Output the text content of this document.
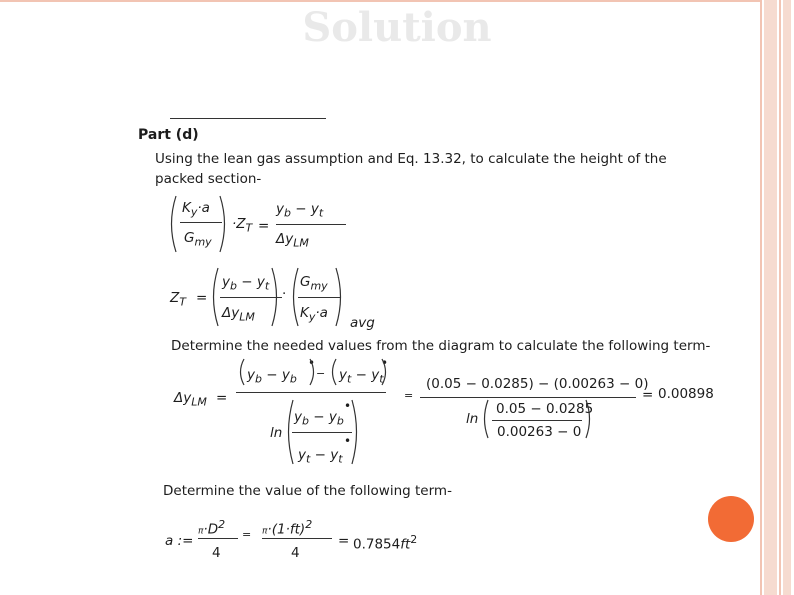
Solution
Part (d)
Using the lean gas assumption and Eq. 13.32, to calculate the height of the
packed section-
$K_y\cdot a$
$G_{my}$
$\cdot Z_T$ =
$y_b - y_t$
$\Delta y_{LM}$
$Z_T$ =
$y_b - y_t$
$\Delta y_{LM}$
·
$G_{my}$
$K_y\cdot a$
avg
Determine the needed values from the diagram to calculate the following term-
$\Delta y_{LM}$ =
$y_b - y_b$
•
− $y_t - y_t$
•
ln
$y_b - y_b$
•
•
$y_t - y_t$
=
(0.05 − 0.0285) − (0.00263 − 0)
ln
0.05 − 0.0285
0.00263 − 0
= 0.00898
Determine the value of the following term-
a :=
$\pi\cdot D^2$
4
= $\pi\cdot(1\cdot ft)^2$
4
= $0.7854ft^2$
